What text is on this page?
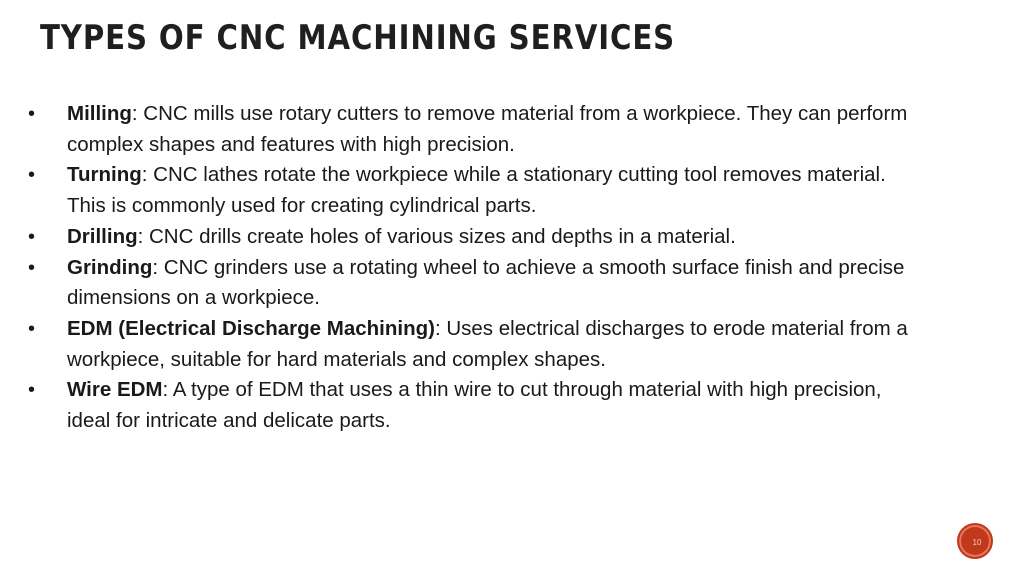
TYPES OF CNC MACHINING SERVICES
• Milling: CNC mills use rotary cutters to remove material from a workpiece. They can perform complex shapes and features with high precision.
• Turning: CNC lathes rotate the workpiece while a stationary cutting tool removes material. This is commonly used for creating cylindrical parts.
• Drilling: CNC drills create holes of various sizes and depths in a material.
• Grinding: CNC grinders use a rotating wheel to achieve a smooth surface finish and precise dimensions on a workpiece.
• EDM (Electrical Discharge Machining): Uses electrical discharges to erode material from a workpiece, suitable for hard materials and complex shapes.
• Wire EDM: A type of EDM that uses a thin wire to cut through material with high precision, ideal for intricate and delicate parts.
10
